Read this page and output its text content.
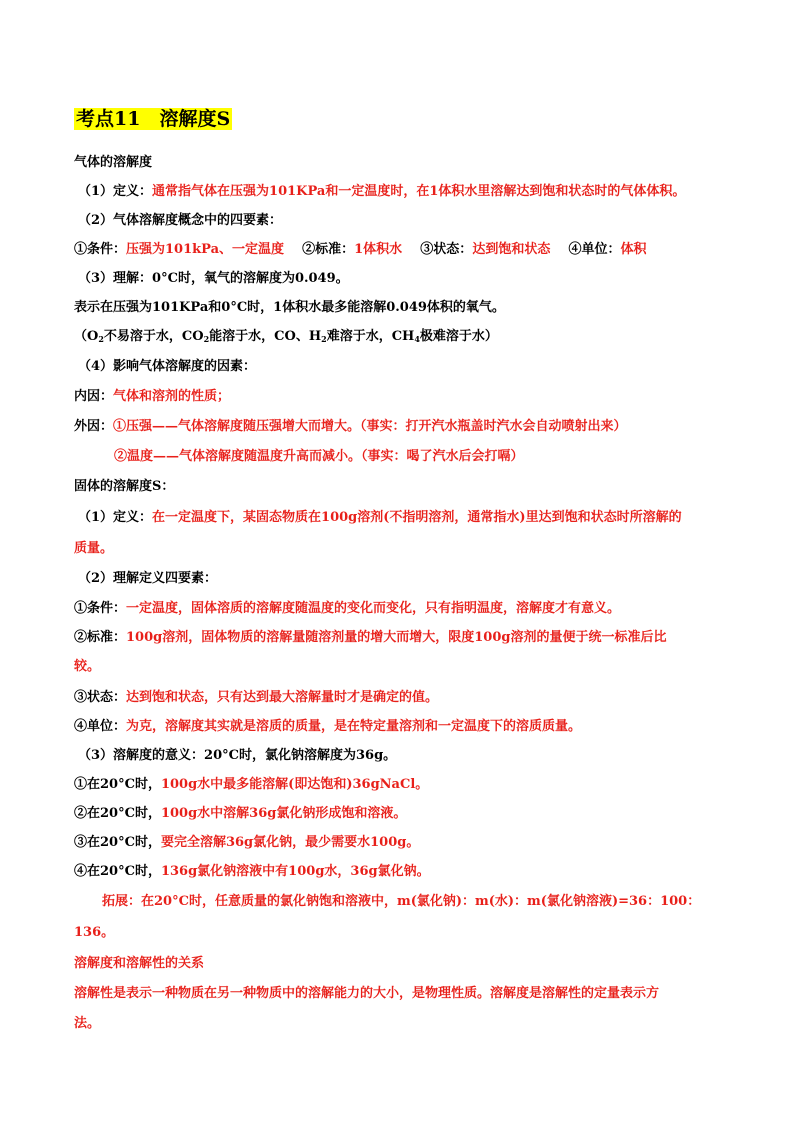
考点11　溶解度S
气体的溶解度
（1）定义：通常指气体在压强为101KPa和一定温度时，在1体积水里溶解达到饱和状态时的气体体积。
（2）气体溶解度概念中的四要素：
①条件：压强为101kPa、一定温度 ②标准：1体积水 ③状态：达到饱和状态 ④单位：体积
（3）理解：0°C时，氧气的溶解度为0.049。
表示在压强为101KPa和0°C时，1体积水最多能溶解0.049体积的氧气。
（$O_2$不易溶于水，$CO_2$能溶于水，CO、$H_2$难溶于水，$CH_4$极难溶于水）
（4）影响气体溶解度的因素：
内因：气体和溶剂的性质；
外因：①压强——气体溶解度随压强增大而增大。（事实：打开汽水瓶盖时汽水会自动喷射出来）
②温度——气体溶解度随温度升高而减小。（事实：喝了汽水后会打嗝）
固体的溶解度S：
（1）定义：在一定温度下，某固态物质在100g溶剂(不指明溶剂，通常指水)里达到饱和状态时所溶解的
质量。
（2）理解定义四要素：
①条件：一定温度，固体溶质的溶解度随温度的变化而变化，只有指明温度，溶解度才有意义。
②标准：100g溶剂，固体物质的溶解量随溶剂量的增大而增大，限度100g溶剂的量便于统一标准后比
较。
③状态：达到饱和状态，只有达到最大溶解量时才是确定的值。
④单位：为克，溶解度其实就是溶质的质量，是在特定量溶剂和一定温度下的溶质质量。
（3）溶解度的意义：20°C时，氯化钠溶解度为36g。
①在20°C时，100g水中最多能溶解(即达饱和)36gNaCl。
②在20°C时，100g水中溶解36g氯化钠形成饱和溶液。
③在20°C时，要完全溶解36g氯化钠，最少需要水100g。
④在20°C时，136g氯化钠溶液中有100g水，36g氯化钠。
拓展：在20°C时，任意质量的氯化钠饱和溶液中，m(氯化钠)：m(水)：m(氯化钠溶液)=36：100：
136。
溶解度和溶解性的关系
溶解性是表示一种物质在另一种物质中的溶解能力的大小，是物理性质。溶解度是溶解性的定量表示方
法。
